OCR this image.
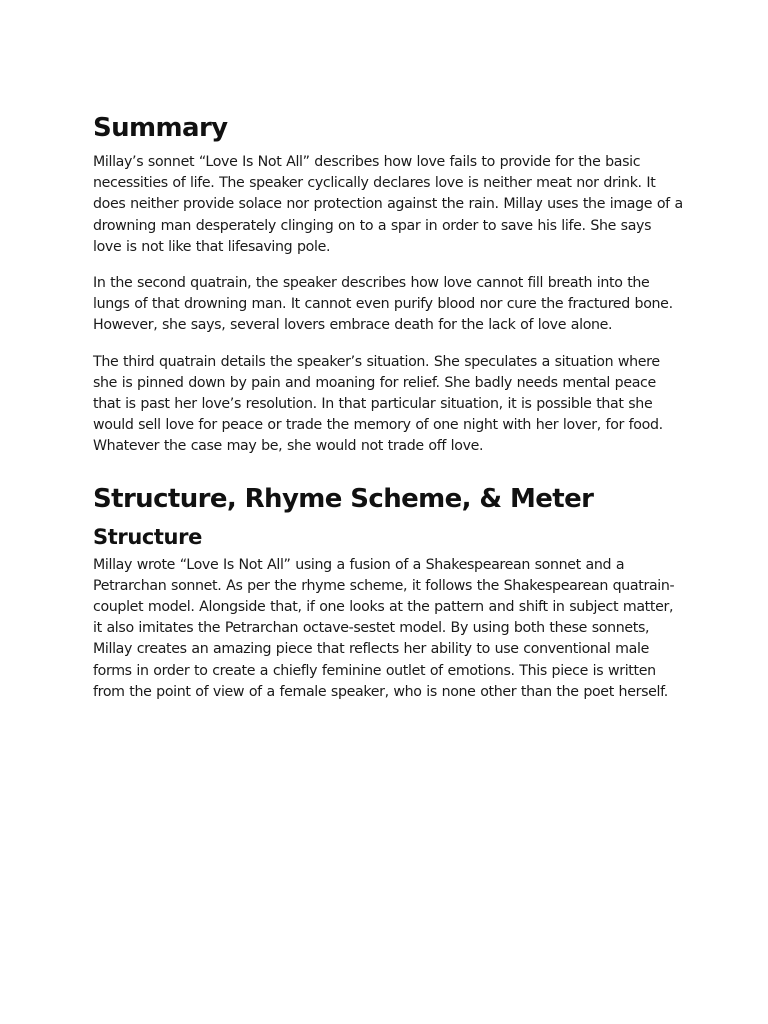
Summary

Millay’s sonnet “Love Is Not All” describes how love fails to provide for the basic necessities of life. The speaker cyclically declares love is neither meat nor drink. It does neither provide solace nor protection against the rain. Millay uses the image of a drowning man desperately clinging on to a spar in order to save his life. She says love is not like that lifesaving pole.

In the second quatrain, the speaker describes how love cannot fill breath into the lungs of that drowning man. It cannot even purify blood nor cure the fractured bone. However, she says, several lovers embrace death for the lack of love alone.

The third quatrain details the speaker’s situation. She speculates a situation where she is pinned down by pain and moaning for relief. She badly needs mental peace that is past her love’s resolution. In that particular situation, it is possible that she would sell love for peace or trade the memory of one night with her lover, for food. Whatever the case may be, she would not trade off love.

Structure, Rhyme Scheme, & Meter
Structure

Millay wrote “Love Is Not All” using a fusion of a Shakespearean sonnet and a Petrarchan sonnet. As per the rhyme scheme, it follows the Shakespearean quatrain-couplet model. Alongside that, if one looks at the pattern and shift in subject matter, it also imitates the Petrarchan octave-sestet model. By using both these sonnets, Millay creates an amazing piece that reflects her ability to use conventional male forms in order to create a chiefly feminine outlet of emotions. This piece is written from the point of view of a female speaker, who is none other than the poet herself.
